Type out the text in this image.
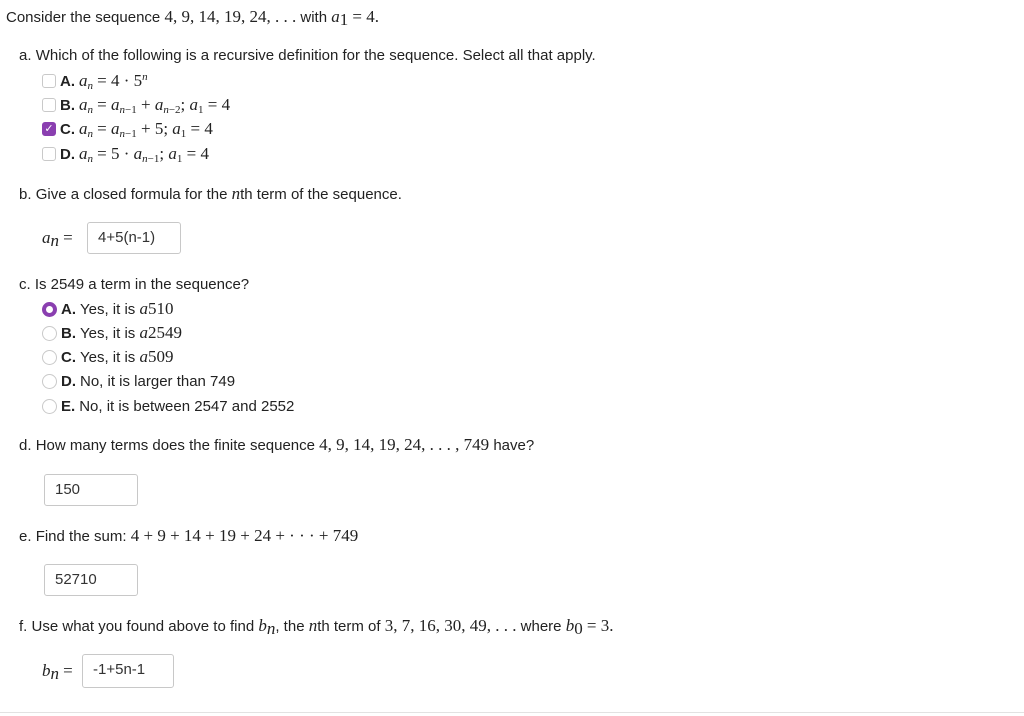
Consider the sequence 4, 9, 14, 19, 24, . . . with $a_1 = 4$.
a. Which of the following is a recursive definition for the sequence. Select all that apply.
A. $a_n$
= $4 \cdot 5^n$
B. $a_n$
= $a_{n-1} + a_{n-2}$; $a_1 = 4$
✓ C. $a_n$
= $a_{n-1} + 5$; $a_1 = 4$
D. $a_n$
= $5 \cdot a_{n-1}$; $a_1 = 4$
b. Give a closed formula for the nth term of the sequence.
$a_n$ =	4+5(n-1)
c. Is 2549 a term in the sequence?
A. Yes, it is
a 510
B. Yes, it is
a 2549
C. Yes, it is
a 509
D. No, it is larger than 749
E. No, it is between 2547 and 2552
d. How many terms does the finite sequence 4, 9, 14, 19, 24, . . . , 749 have?
150
e. Find the sum: 4 + 9 + 14 + 19 + 24 + · · · + 749
52710
f. Use what you found above to find $b_n$, the nth term of 3, 7, 16, 30, 49, . . . where $b_0 = 3$.
$b_n$ =	-1+5n-1
